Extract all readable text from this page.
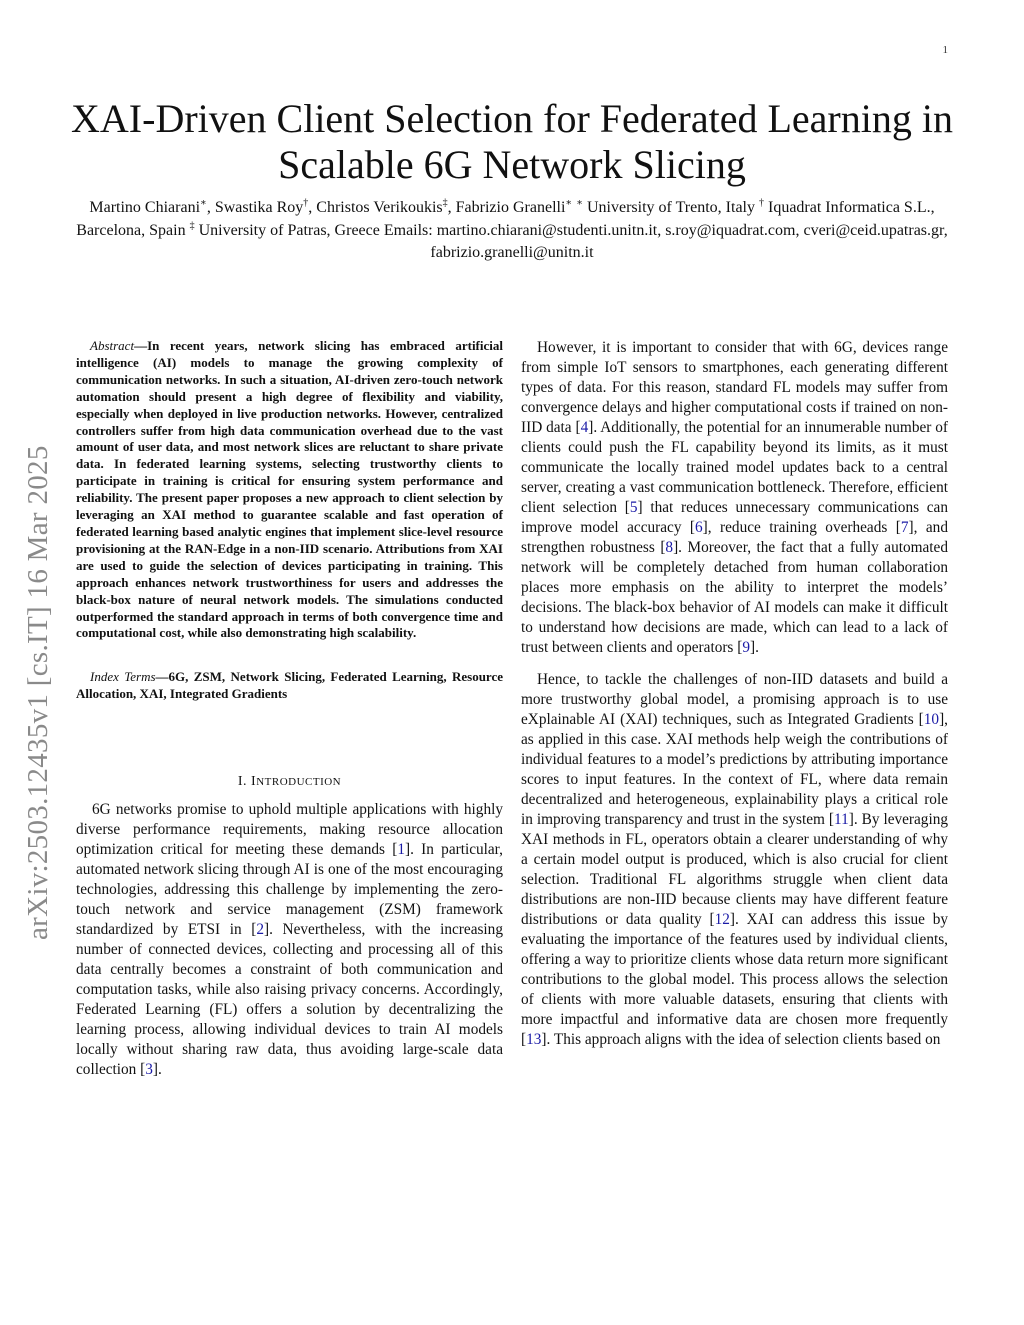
1
arXiv:2503.12435v1 [cs.IT] 16 Mar 2025
XAI-Driven Client Selection for Federated Learning in Scalable 6G Network Slicing
Martino Chiarani∗, Swastika Roy†, Christos Verikoukis‡, Fabrizio Granelli∗ ∗ University of Trento, Italy † Iquadrat Informatica S.L., Barcelona, Spain ‡ University of Patras, Greece Emails: martino.chiarani@studenti.unitn.it, s.roy@iquadrat.com, cveri@ceid.upatras.gr, fabrizio.granelli@unitn.it

Abstract—In recent years, network slicing has embraced artificial intelligence (AI) models to manage the growing complexity of communication networks. In such a situation, AI-driven zero-touch network automation should present a high degree of flexibility and viability, especially when deployed in live production networks. However, centralized controllers suffer from high data communication overhead due to the vast amount of user data, and most network slices are reluctant to share private data. In federated learning systems, selecting trustworthy clients to participate in training is critical for ensuring system performance and reliability. The present paper proposes a new approach to client selection by leveraging an XAI method to guarantee scalable and fast operation of federated learning based analytic engines that implement slice-level resource provisioning at the RAN-Edge in a non-IID scenario. Attributions from XAI are used to guide the selection of devices participating in training. This approach enhances network trustworthiness for users and addresses the black-box nature of neural network models. The simulations conducted outperformed the standard approach in terms of both convergence time and computational cost, while also demonstrating high scalability.

Index Terms—6G, ZSM, Network Slicing, Federated Learning, Resource Allocation, XAI, Integrated Gradients

I. INTRODUCTION

6G networks promise to uphold multiple applications with highly diverse performance requirements, making resource allocation optimization critical for meeting these demands [1]. In particular, automated network slicing through AI is one of the most encouraging technologies, addressing this challenge by implementing the zero-touch network and service management (ZSM) framework standardized by ETSI in [2]. Nevertheless, with the increasing number of connected devices, collecting and processing all of this data centrally becomes a constraint of both communication and computation tasks, while also raising privacy concerns. Accordingly, Federated Learning (FL) offers a solution by decentralizing the learning process, allowing individual devices to train AI models locally without sharing raw data, thus avoiding large-scale data collection [3].

However, it is important to consider that with 6G, devices range from simple IoT sensors to smartphones, each generating different types of data. For this reason, standard FL models may suffer from convergence delays and higher computational costs if trained on non-IID data [4]. Additionally, the potential for an innumerable number of clients could push the FL capability beyond its limits, as it must communicate the locally trained model updates back to a central server, creating a vast communication bottleneck. Therefore, efficient client selection [5] that reduces unnecessary communications can improve model accuracy [6], reduce training overheads [7], and strengthen robustness [8]. Moreover, the fact that a fully automated network will be completely detached from human collaboration places more emphasis on the ability to interpret the models’ decisions. The black-box behavior of AI models can make it difficult to understand how decisions are made, which can lead to a lack of trust between clients and operators [9].

Hence, to tackle the challenges of non-IID datasets and build a more trustworthy global model, a promising approach is to use eXplainable AI (XAI) techniques, such as Integrated Gradients [10], as applied in this case. XAI methods help weigh the contributions of individual features to a model’s predictions by attributing importance scores to input features. In the context of FL, where data remain decentralized and heterogeneous, explainability plays a critical role in improving transparency and trust in the system [11]. By leveraging XAI methods in FL, operators obtain a clearer understanding of why a certain model output is produced, which is also crucial for client selection. Traditional FL algorithms struggle when client data distributions are non-IID because clients may have different feature distributions or data quality [12]. XAI can address this issue by evaluating the importance of the features used by individual clients, offering a way to prioritize clients whose data return more significant contributions to the global model. This process allows the selection of clients with more valuable datasets, ensuring that clients with more impactful and informative data are chosen more frequently [13]. This approach aligns with the idea of selection clients based on
